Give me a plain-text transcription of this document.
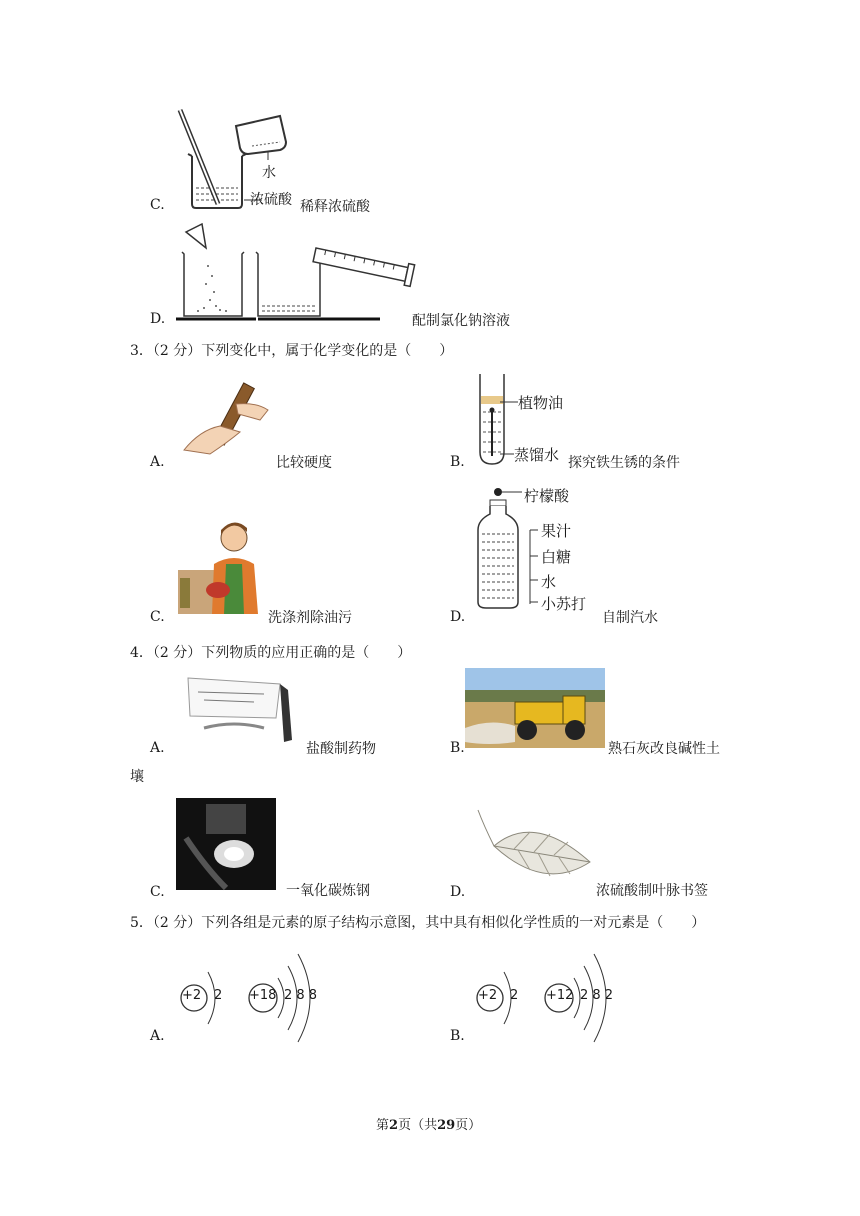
水
浓硫酸 稀释浓硫酸
C.
D.	配制氯化钠溶液
3．（2 分）下列变化中，属于化学变化的是（　　）
A.	比较硬度
植物油
蒸馏水
B.	探究铁生锈的条件
C.	洗涤剂除油污
柠檬酸
果汁
白糖
水
小苏打
D.	自制汽水
4．（2 分）下列物质的应用正确的是（　　）
A.	盐酸制药物	B.	熟石灰改良碱性土
壤
C.	一氧化碳炼钢	D.	浓硫酸制叶脉书签
5．（2 分）下列各组是元素的原子结构示意图，其中具有相似化学性质的一对元素是（　　）
+2 2 +18 2 8 8
A.
+2 2 +12 2 8 2
B.
第2页（共29页）
